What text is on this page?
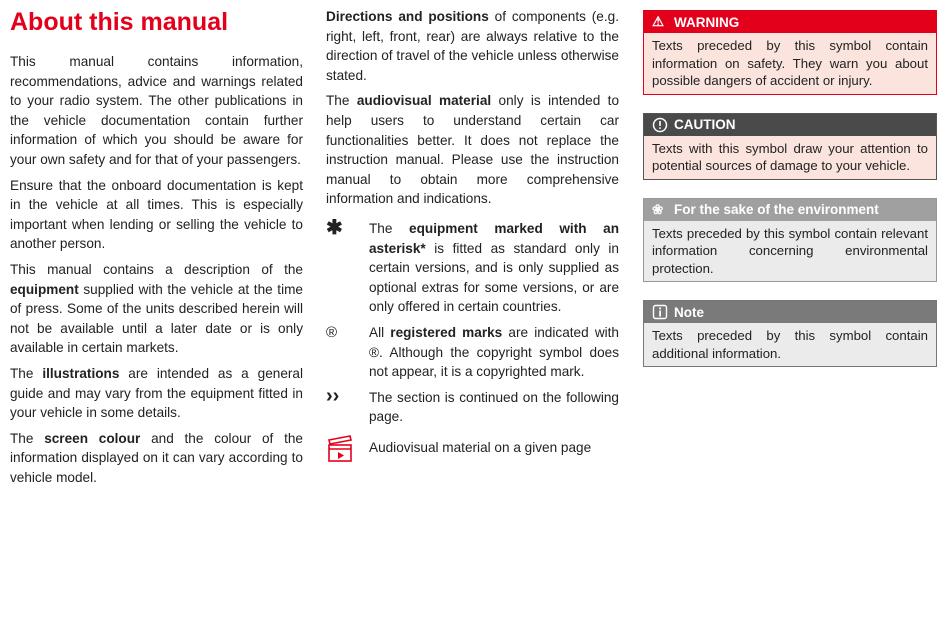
About this manual

This manual contains information, recommendations, advice and warnings related to your radio system. The other publications in the vehicle documentation contain further information of which you should be aware for your own safety and for that of your passengers.

Ensure that the onboard documentation is kept in the vehicle at all times. This is especially important when lending or selling the vehicle to another person.

This manual contains a description of the equipment supplied with the vehicle at the time of press. Some of the units described herein will not be available until a later date or is only available in certain markets.

The illustrations are intended as a general guide and may vary from the equipment fitted in your vehicle in some details.

The screen colour and the colour of the information displayed on it can vary according to vehicle model.

Directions and positions of components (e.g. right, left, front, rear) are always relative to the direction of travel of the vehicle unless otherwise stated.

The audiovisual material only is intended to help users to understand certain car functionalities better. It does not replace the instruction manual. Please use the instruction manual to obtain more comprehensive information and indications.

✱	The equipment marked with an asterisk* is fitted as standard only in certain versions, and is only supplied as optional extras for some versions, or are only offered in certain countries.

®	All registered marks are indicated with ®. Although the copyright symbol does not appear, it is a copyrighted mark.

››	The section is continued on the following page.

Audiovisual material on a given page

⚠ WARNING
Texts preceded by this symbol contain information on safety. They warn you about possible dangers of accident or injury.
CAUTION
Texts with this symbol draw your attention to potential sources of damage to your vehicle.
❀ For the sake of the environment
Texts preceded by this symbol contain relevant information concerning environmental protection.
Note
Texts preceded by this symbol contain additional information.
